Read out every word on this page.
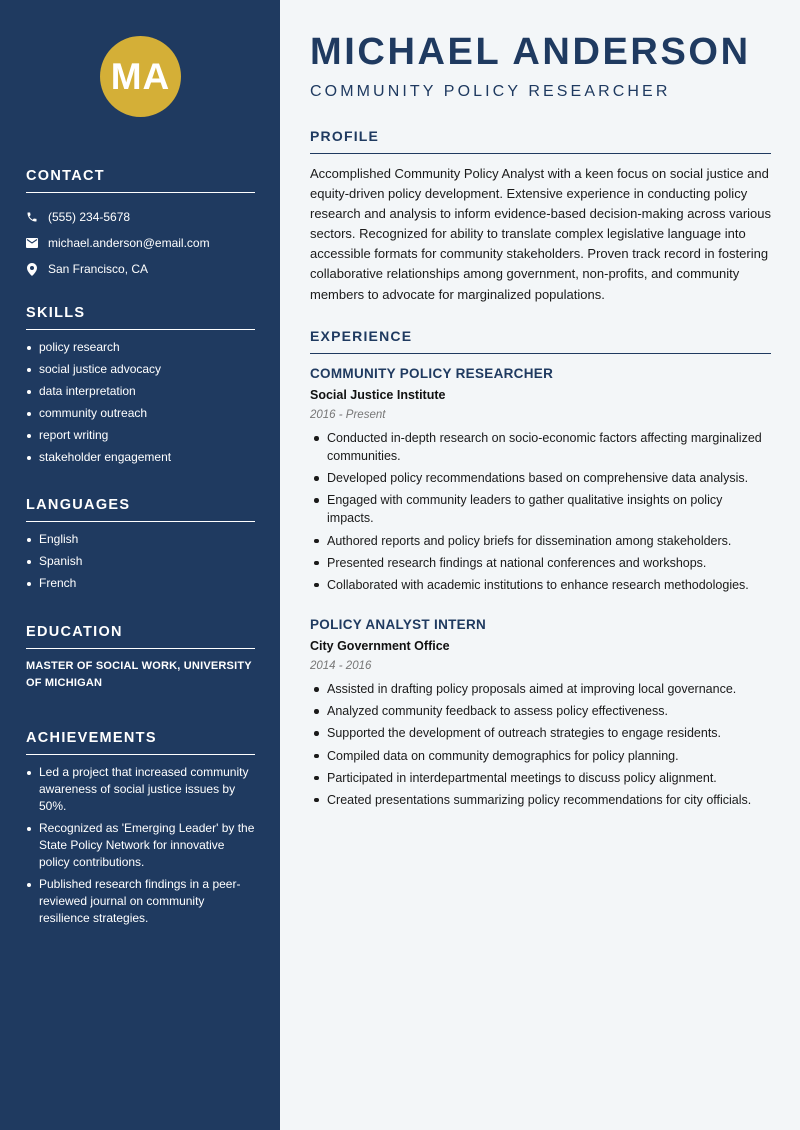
MA
CONTACT
(555) 234-5678
michael.anderson@email.com
San Francisco, CA
SKILLS
policy research
social justice advocacy
data interpretation
community outreach
report writing
stakeholder engagement
LANGUAGES
English
Spanish
French
EDUCATION
MASTER OF SOCIAL WORK, UNIVERSITY OF MICHIGAN
ACHIEVEMENTS
Led a project that increased community awareness of social justice issues by 50%.
Recognized as 'Emerging Leader' by the State Policy Network for innovative policy contributions.
Published research findings in a peer-reviewed journal on community resilience strategies.
MICHAEL ANDERSON
COMMUNITY POLICY RESEARCHER
PROFILE

Accomplished Community Policy Analyst with a keen focus on social justice and equity-driven policy development. Extensive experience in conducting policy research and analysis to inform evidence-based decision-making across various sectors. Recognized for ability to translate complex legislative language into accessible formats for community stakeholders. Proven track record in fostering collaborative relationships among government, non-profits, and community members to advocate for marginalized populations.

EXPERIENCE
COMMUNITY POLICY RESEARCHER
Social Justice Institute
2016 - Present
Conducted in-depth research on socio-economic factors affecting marginalized communities.
Developed policy recommendations based on comprehensive data analysis.
Engaged with community leaders to gather qualitative insights on policy impacts.
Authored reports and policy briefs for dissemination among stakeholders.
Presented research findings at national conferences and workshops.
Collaborated with academic institutions to enhance research methodologies.
POLICY ANALYST INTERN
City Government Office
2014 - 2016
Assisted in drafting policy proposals aimed at improving local governance.
Analyzed community feedback to assess policy effectiveness.
Supported the development of outreach strategies to engage residents.
Compiled data on community demographics for policy planning.
Participated in interdepartmental meetings to discuss policy alignment.
Created presentations summarizing policy recommendations for city officials.
